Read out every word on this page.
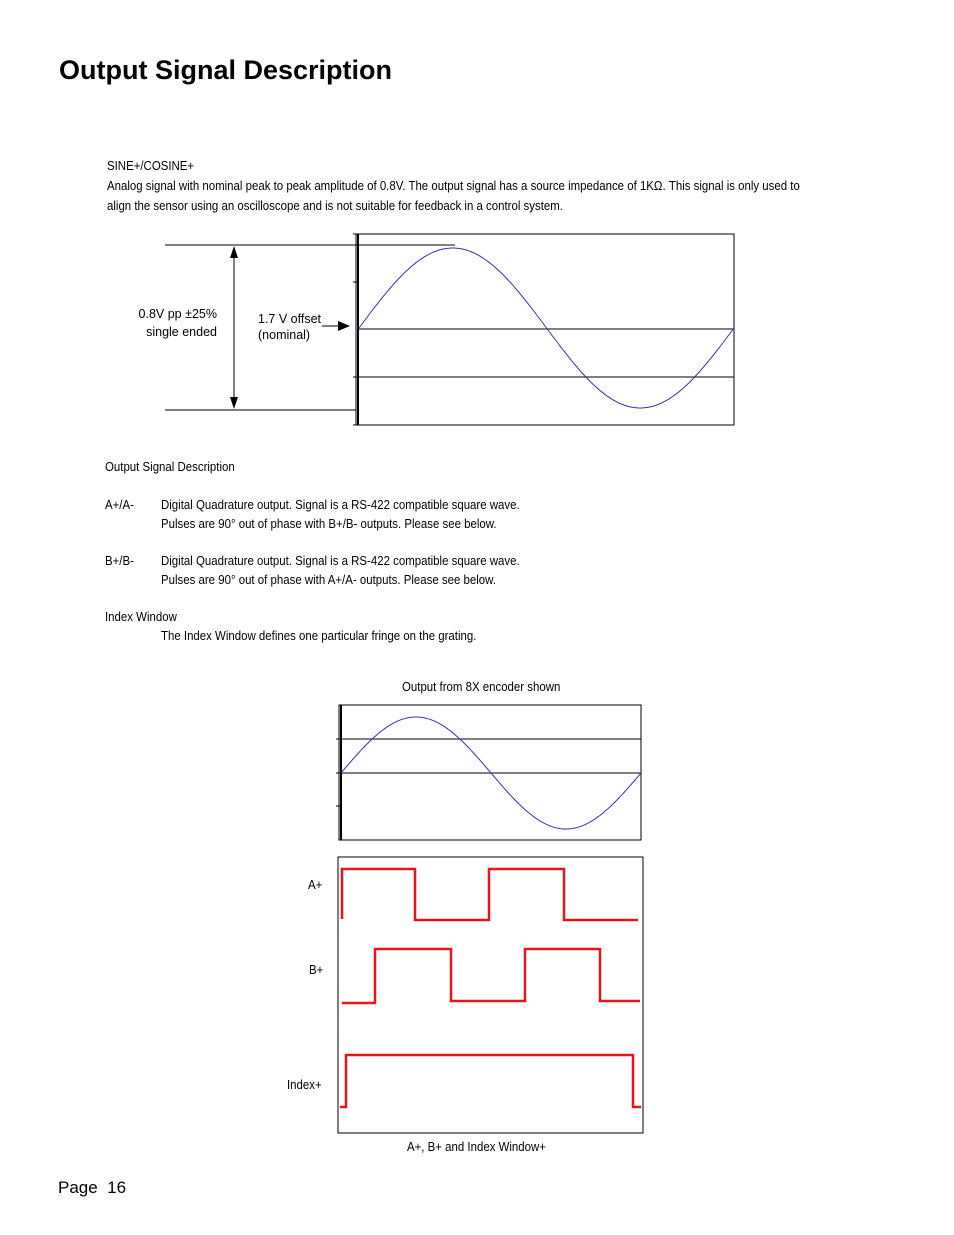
Output Signal Description
SINE+/COSINE+
Analog signal with nominal peak to peak amplitude of 0.8V. The output signal has a source impedance of 1KΩ. This signal is only used to
align the sensor using an oscilloscope and is not suitable for feedback in a control system.
0.8V pp ±25%
single ended
1.7 V offset
(nominal)
Output Signal Description
A+/A- Digital Quadrature output. Signal is a RS-422 compatible square wave.
Pulses are 90° out of phase with B+/B- outputs. Please see below.
B+/B- Digital Quadrature output. Signal is a RS-422 compatible square wave.
Pulses are 90° out of phase with A+/A- outputs. Please see below.
Index Window
The Index Window defines one particular fringe on the grating.
Output from 8X encoder shown
A+
B+
Index+
A+, B+ and Index Window+
Page  16
